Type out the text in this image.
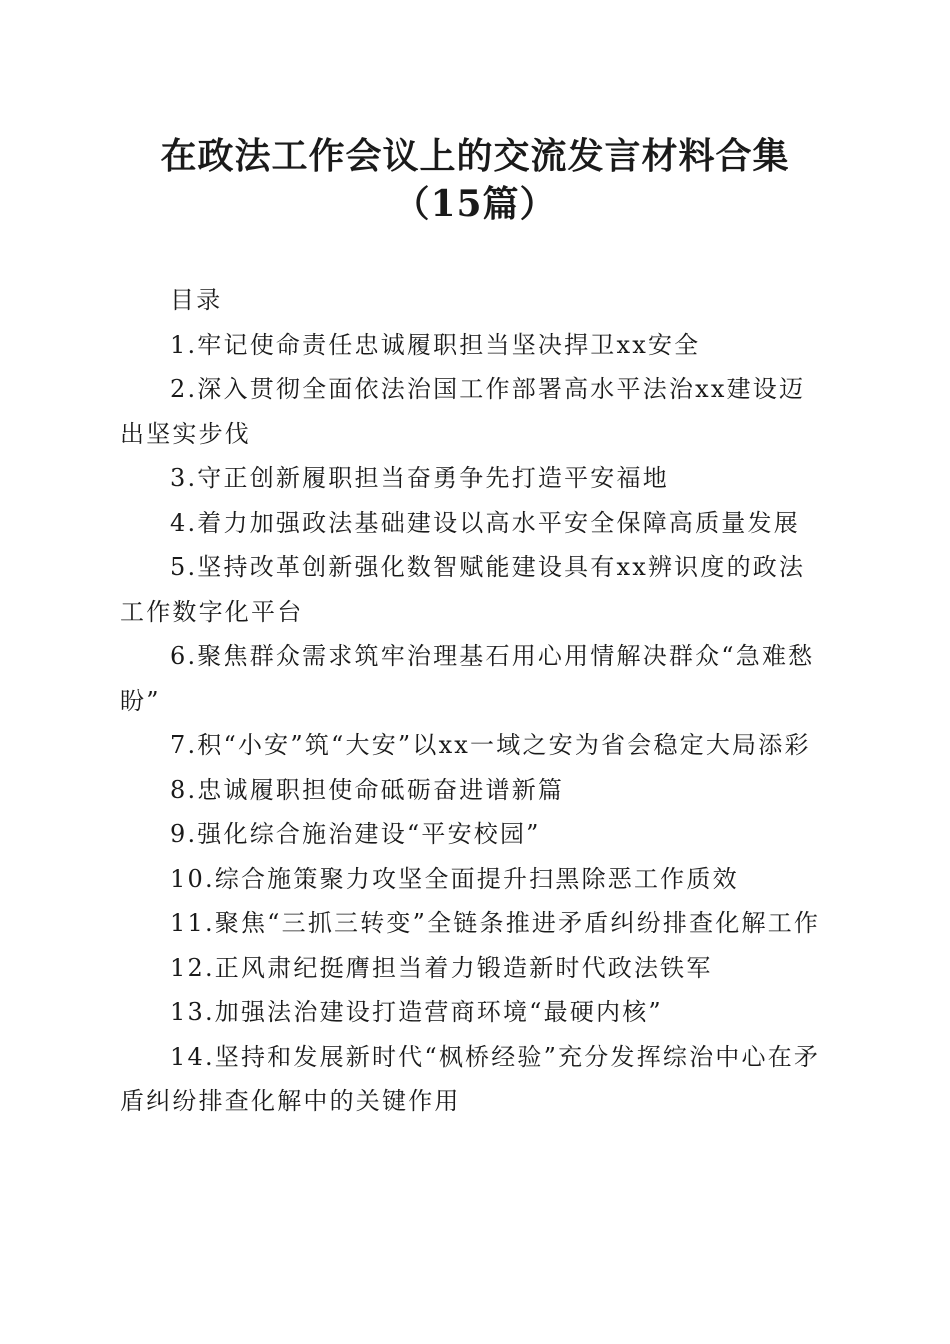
在政法工作会议上的交流发言材料合集（15篇）

目录

1.牢记使命责任忠诚履职担当坚决捍卫xx安全

2.深入贯彻全面依法治国工作部署高水平法治xx建设迈出坚实步伐

3.守正创新履职担当奋勇争先打造平安福地

4.着力加强政法基础建设以高水平安全保障高质量发展

5.坚持改革创新强化数智赋能建设具有xx辨识度的政法工作数字化平台

6.聚焦群众需求筑牢治理基石用心用情解决群众“急难愁盼”

7.积“小安”筑“大安”以xx一域之安为省会稳定大局添彩

8.忠诚履职担使命砥砺奋进谱新篇

9.强化综合施治建设“平安校园”

10.综合施策聚力攻坚全面提升扫黑除恶工作质效

11.聚焦“三抓三转变”全链条推进矛盾纠纷排查化解工作

12.正风肃纪挺膺担当着力锻造新时代政法铁军

13.加强法治建设打造营商环境“最硬内核”

14.坚持和发展新时代“枫桥经验”充分发挥综治中心在矛盾纠纷排查化解中的关键作用
